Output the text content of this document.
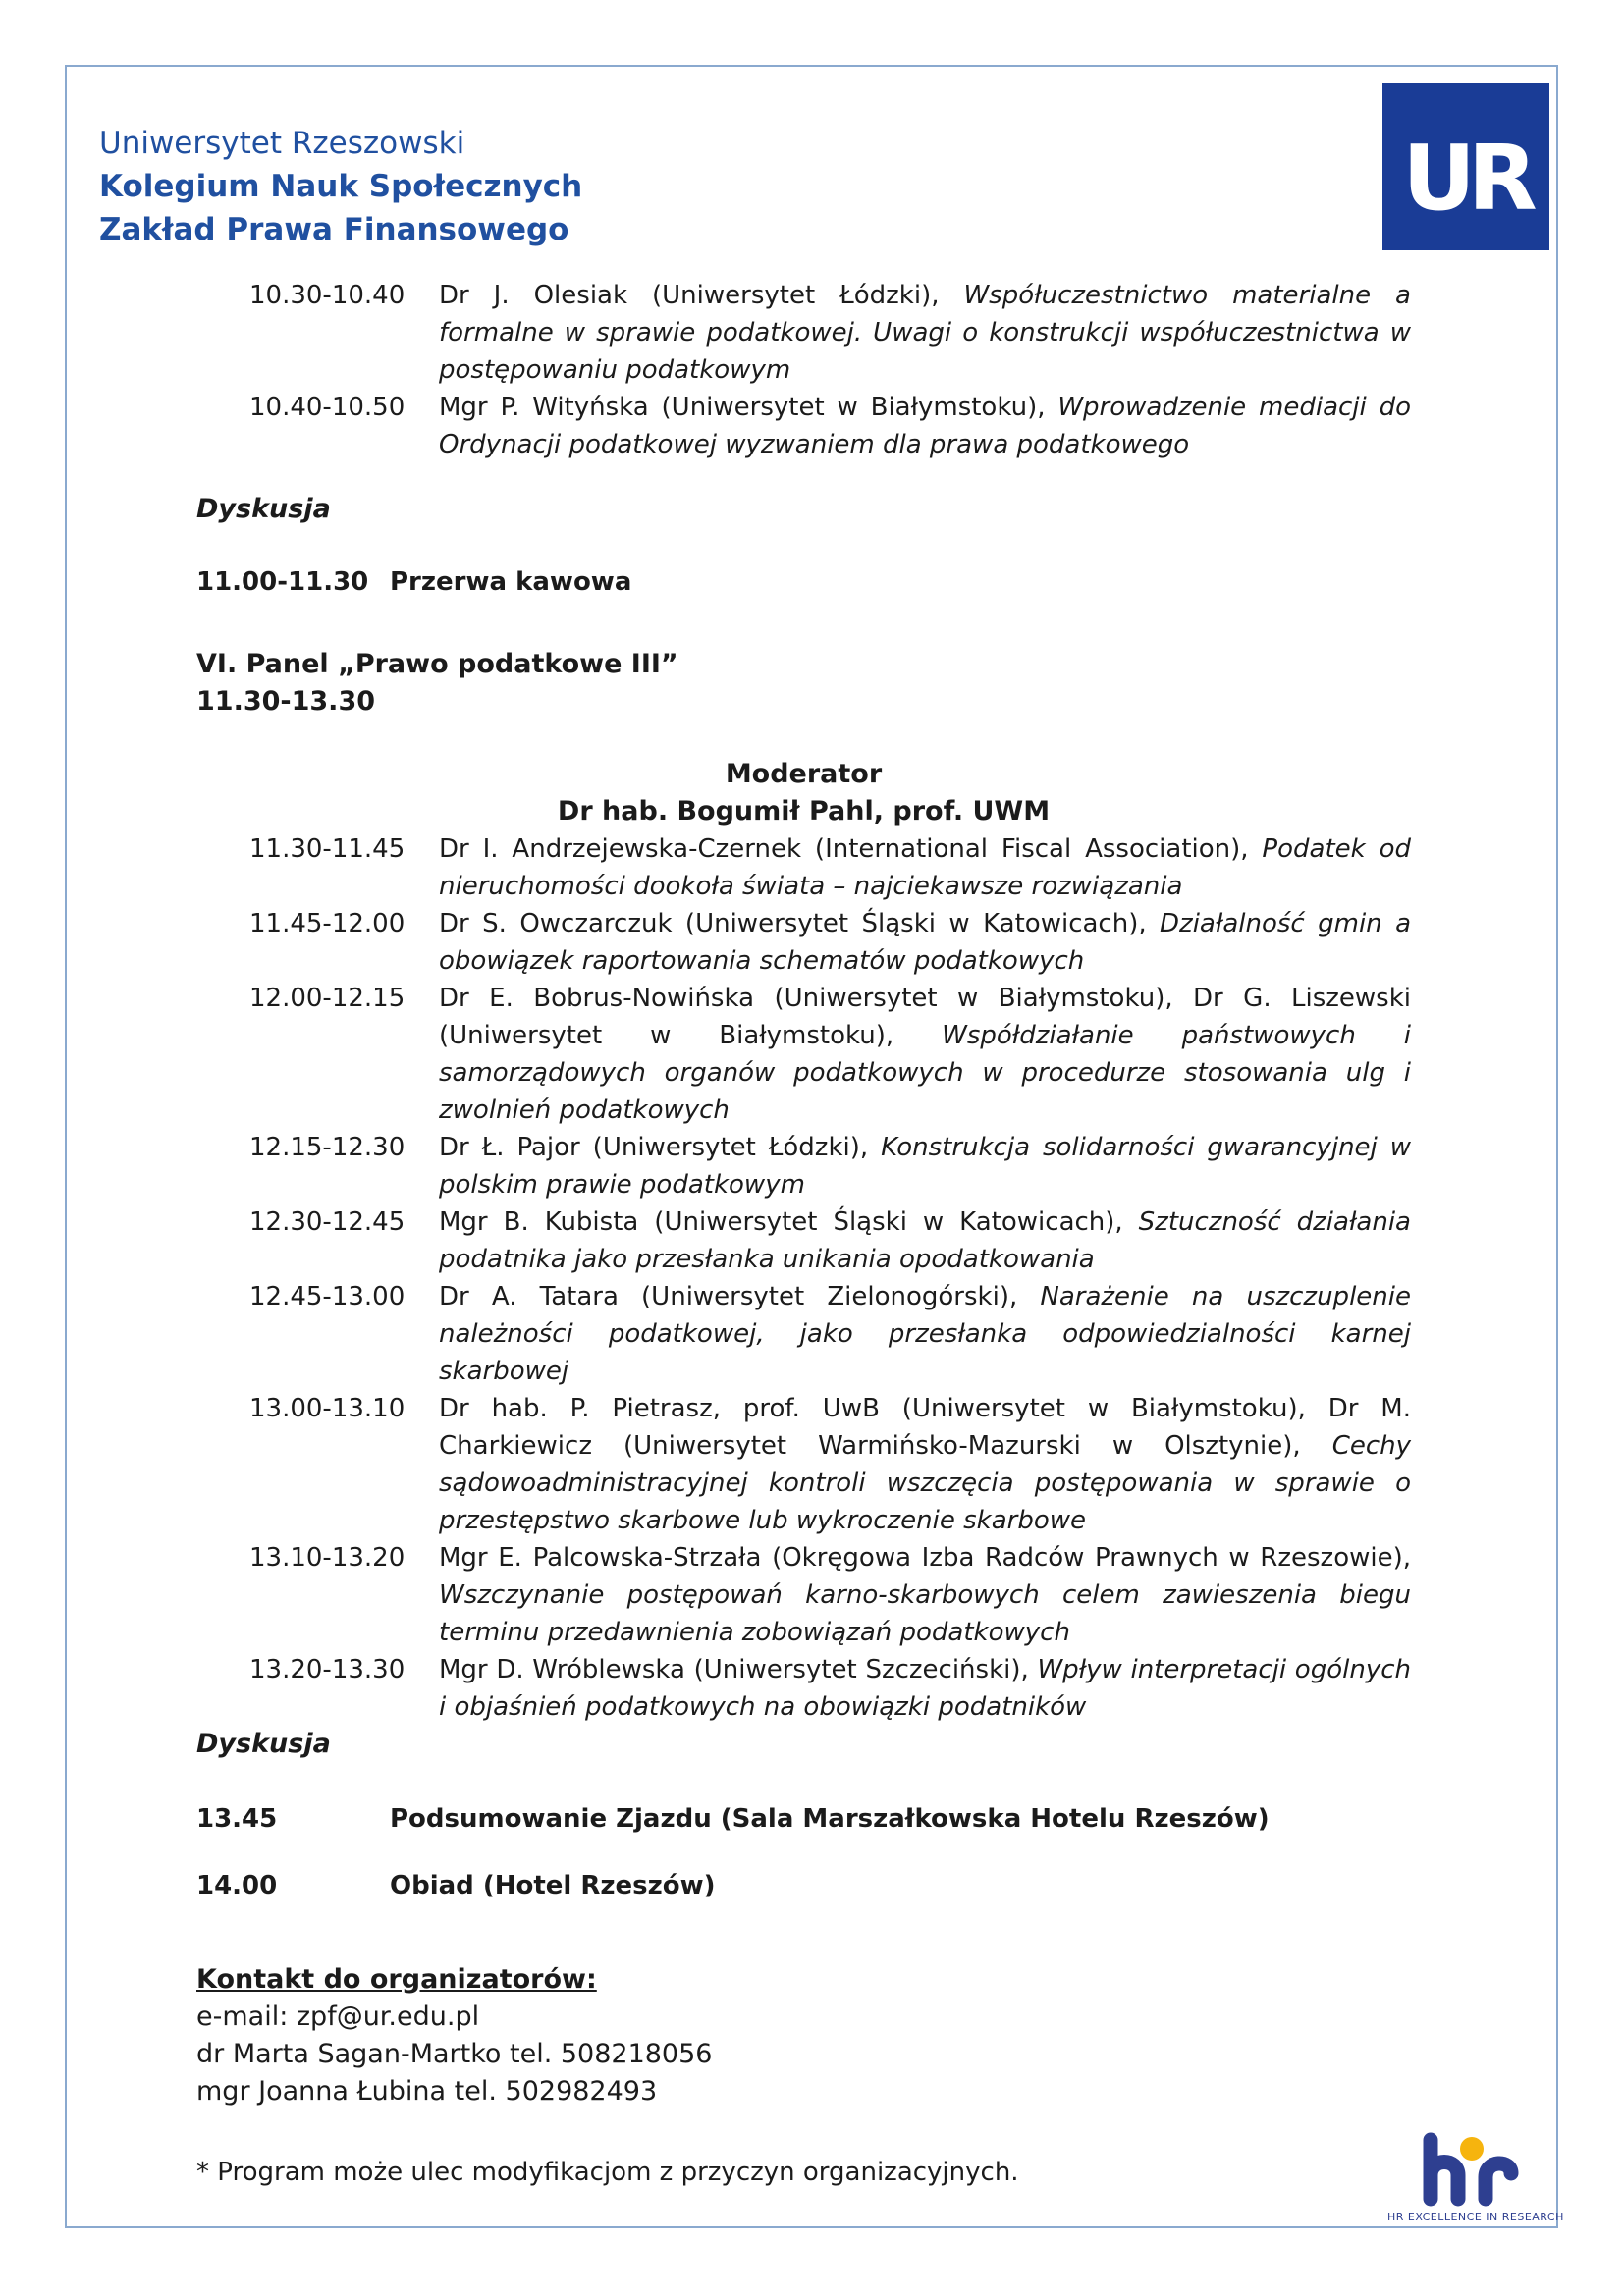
Uniwersytet Rzeszowski
Kolegium Nauk Społecznych
Zakład Prawa Finansowego	UR
10.30-10.40	Dr J. Olesiak (Uniwersytet Łódzki), Współuczestnictwo materialne a formalne w sprawie podatkowej. Uwagi o konstrukcji współuczestnictwa w postępowaniu podatkowym
10.40-10.50	Mgr P. Wityńska (Uniwersytet w Białymstoku), Wprowadzenie mediacji do Ordynacji podatkowej wyzwaniem dla prawa podatkowego
Dyskusja
11.00-11.30 Przerwa kawowa
VI. Panel „Prawo podatkowe III”
11.30-13.30
Moderator
Dr hab. Bogumił Pahl, prof. UWM
11.30-11.45	Dr I. Andrzejewska-Czernek (International Fiscal Association), Podatek od nieruchomości dookoła świata – najciekawsze rozwiązania
11.45-12.00	Dr S. Owczarczuk (Uniwersytet Śląski w Katowicach), Działalność gmin a obowiązek raportowania schematów podatkowych
12.00-12.15	Dr E. Bobrus-Nowińska (Uniwersytet w Białymstoku), Dr G. Liszewski (Uniwersytet w Białymstoku), Współdziałanie państwowych i samorządowych organów podatkowych w procedurze stosowania ulg i zwolnień podatkowych
12.15-12.30	Dr Ł. Pajor (Uniwersytet Łódzki), Konstrukcja solidarności gwarancyjnej w polskim prawie podatkowym
12.30-12.45	Mgr B. Kubista (Uniwersytet Śląski w Katowicach), Sztuczność działania podatnika jako przesłanka unikania opodatkowania
12.45-13.00	Dr A. Tatara (Uniwersytet Zielonogórski), Narażenie na uszczuplenie należności podatkowej, jako przesłanka odpowiedzialności karnej skarbowej
13.00-13.10	Dr hab. P. Pietrasz, prof. UwB (Uniwersytet w Białymstoku), Dr M. Charkiewicz (Uniwersytet Warmińsko-Mazurski w Olsztynie), Cechy sądowoadministracyjnej kontroli wszczęcia postępowania w sprawie o przestępstwo skarbowe lub wykroczenie skarbowe
13.10-13.20	Mgr E. Palcowska-Strzała (Okręgowa Izba Radców Prawnych w Rzeszowie), Wszczynanie postępowań karno-skarbowych celem zawieszenia biegu terminu przedawnienia zobowiązań podatkowych
13.20-13.30	Mgr D. Wróblewska (Uniwersytet Szczeciński), Wpływ interpretacji ogólnych i objaśnień podatkowych na obowiązki podatników
Dyskusja
13.45	Podsumowanie Zjazdu (Sala Marszałkowska Hotelu Rzeszów)
14.00	Obiad (Hotel Rzeszów)
Kontakt do organizatorów:
e-mail: zpf@ur.edu.pl
dr Marta Sagan-Martko tel. 508218056
mgr Joanna Łubina tel. 502982493
* Program może ulec modyfikacjom z przyczyn organizacyjnych.
HR EXCELLENCE IN RESEARCH
